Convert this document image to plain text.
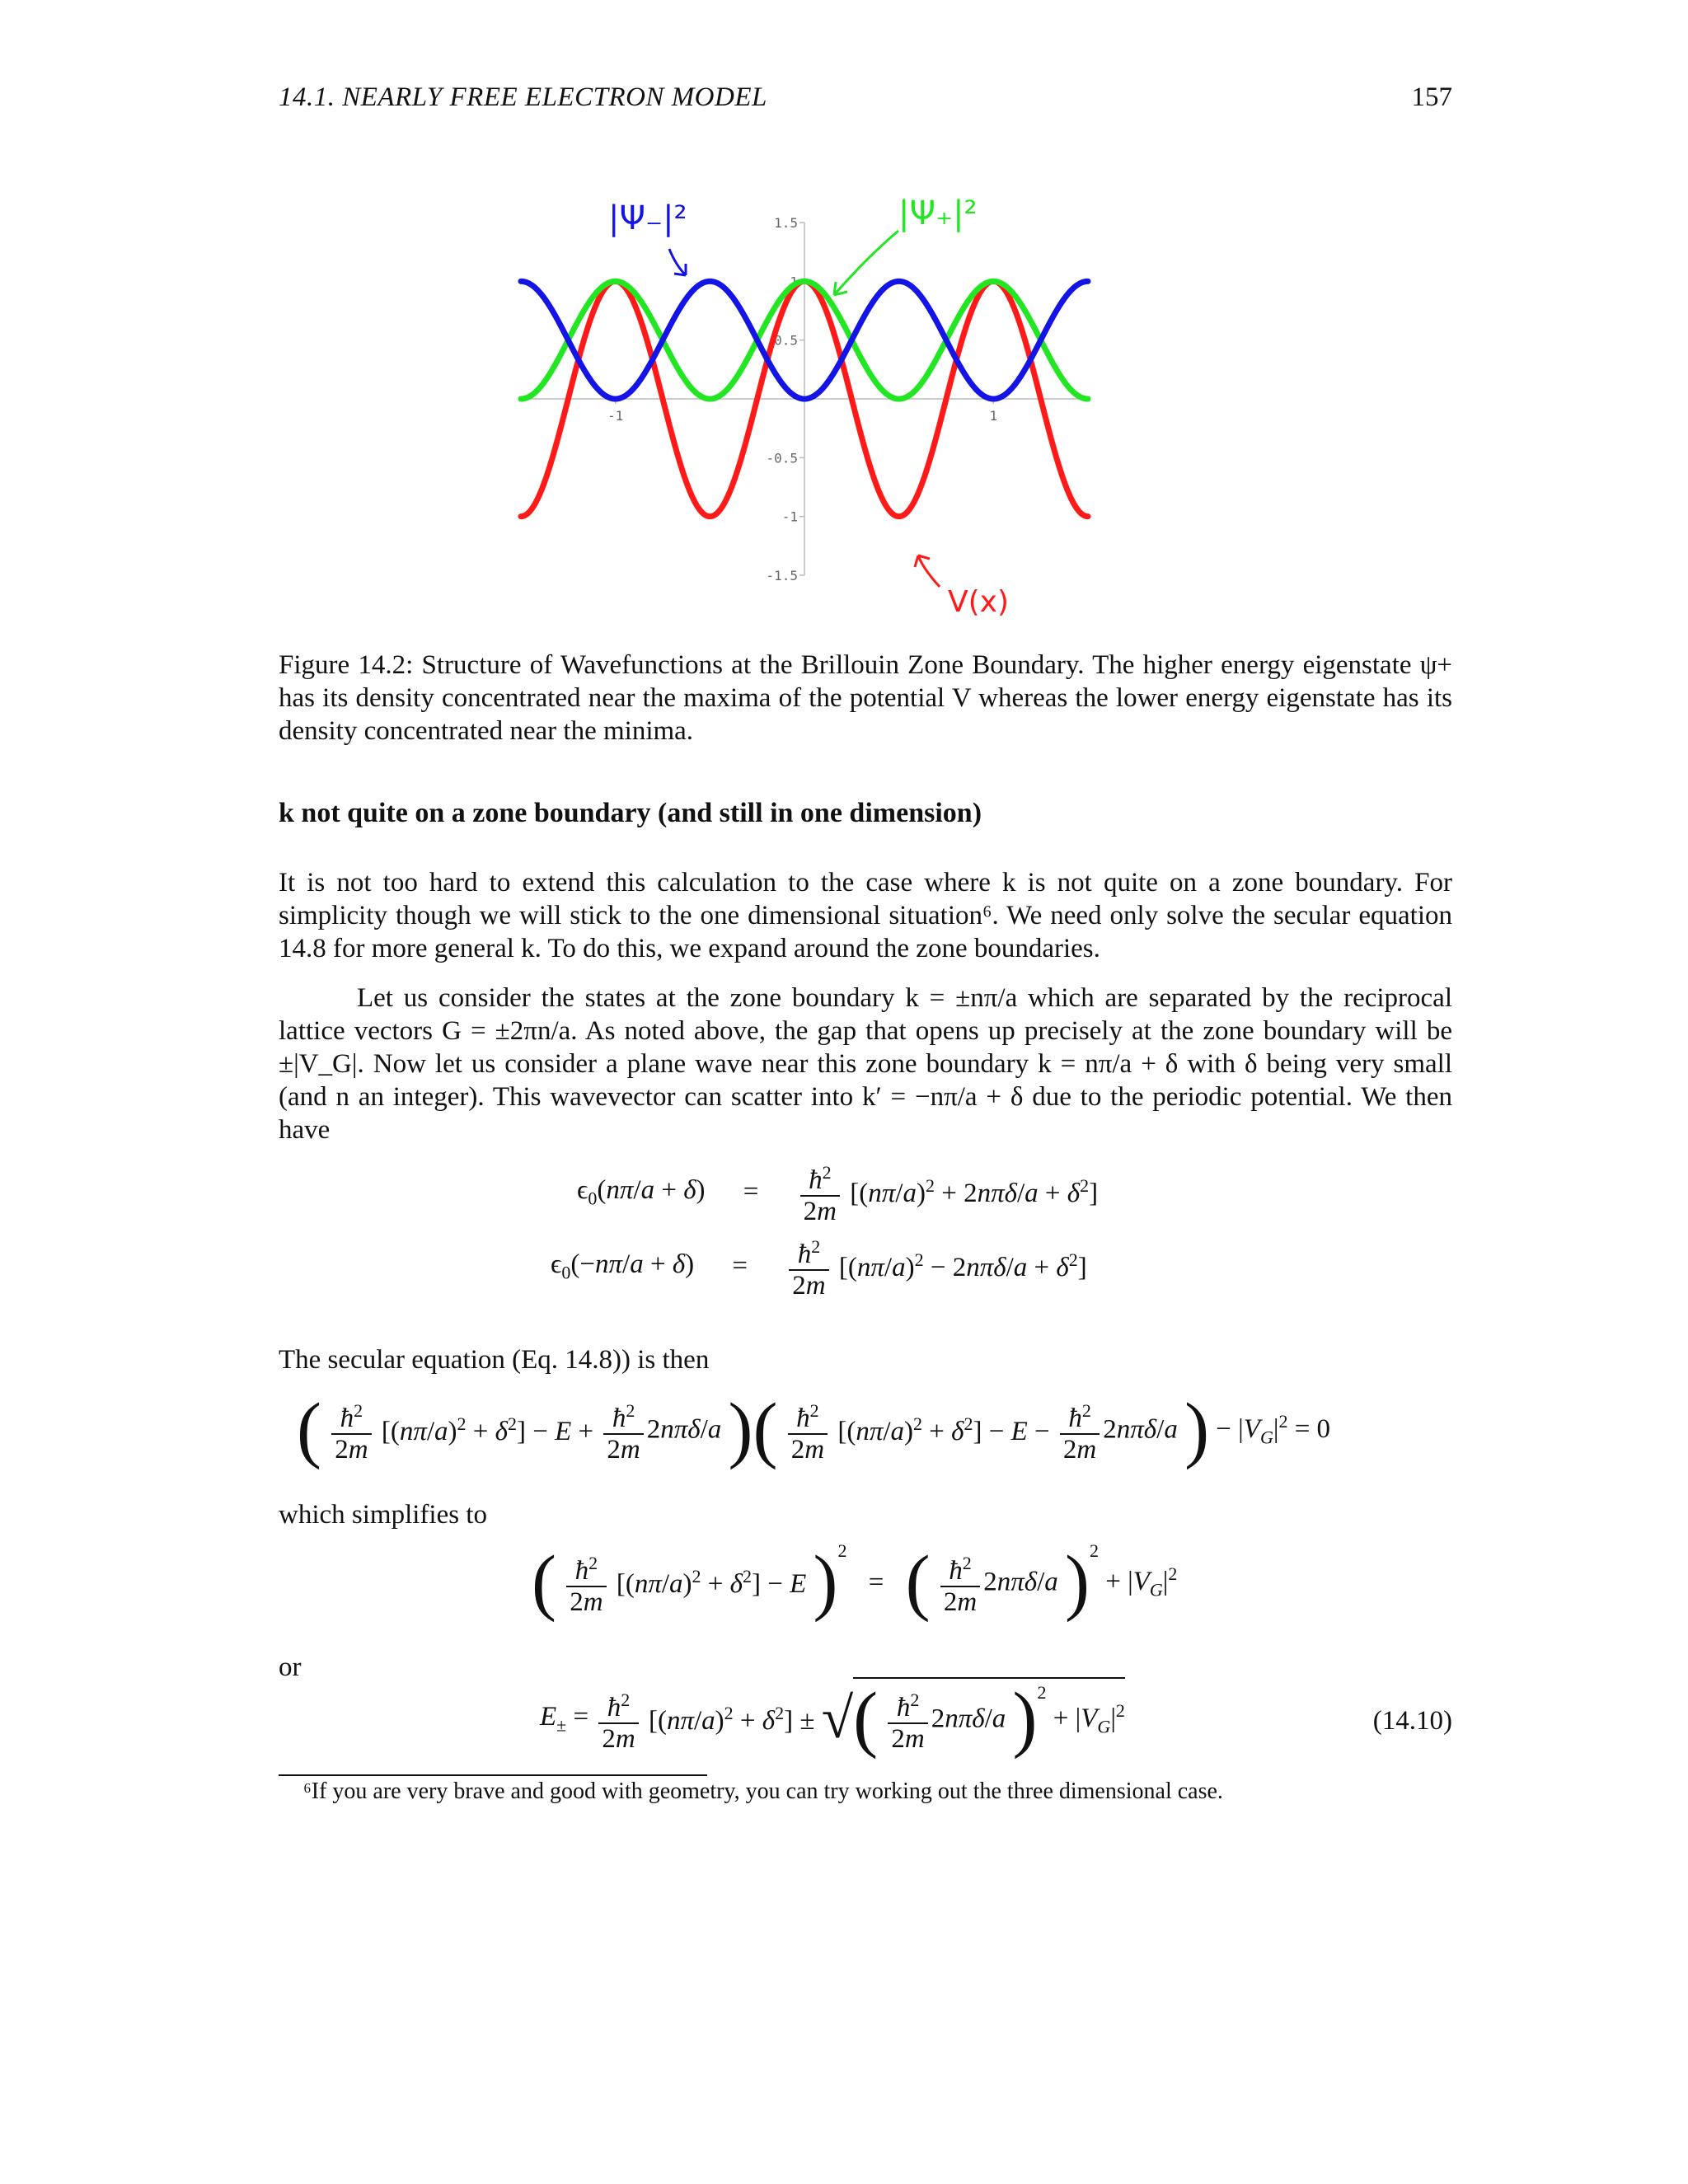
14.1. NEARLY FREE ELECTRON MODEL	157
1.5
1
0.5
-0.5
-1
-1.5
-1	1
|Ψ₋|²	|Ψ₊|²
V(x)
Figure 14.2: Structure of Wavefunctions at the Brillouin Zone Boundary. The higher energy eigenstate ψ+ has its density concentrated near the maxima of the potential V whereas the lower energy eigenstate has its density concentrated near the minima.
k not quite on a zone boundary (and still in one dimension)
It is not too hard to extend this calculation to the case where k is not quite on a zone boundary. For simplicity though we will stick to the one dimensional situation⁶. We need only solve the secular equation 14.8 for more general k. To do this, we expand around the zone boundaries.
Let us consider the states at the zone boundary k = ±nπ/a which are separated by the reciprocal lattice vectors G = ±2πn/a. As noted above, the gap that opens up precisely at the zone boundary will be ±|V_G|. Now let us consider a plane wave near this zone boundary k = nπ/a + δ with δ being very small (and n an integer). This wavevector can scatter into k′ = −nπ/a + δ due to the periodic potential. We then have
$\epsilon_0(n\pi/a + \delta) = \frac{ħ^2}{2m} [(n\pi/a)^2 + 2n\pi\delta/a + \delta^2]$
$\epsilon_0(-n\pi/a + \delta) = \frac{ħ^2}{2m} [(n\pi/a)^2 - 2n\pi\delta/a + \delta^2]$
The secular equation (Eq. 14.8)) is then
( $\frac{ħ^2}{2m} [(n\pi/a)^2 + \delta^2] - E + \frac{ħ^2}{2m} 2n\pi\delta/a$ )( $\frac{ħ^2}{2m} [(n\pi/a)^2 + \delta^2] - E - \frac{ħ^2}{2m} 2n\pi\delta/a$ ) − $|V_G|^2 = 0$
which simplifies to
( $\frac{ħ^2}{2m} [(n\pi/a)^2 + \delta^2] - E$ )$^2$ = ( $\frac{ħ^2}{2m} 2n\pi\delta/a$ )$^2 + |V_G|^2$
or
$E_\pm = \frac{ħ^2}{2m} [(n\pi/a)^2 + \delta^2]$ ± √( $\frac{ħ^2}{2m} 2n\pi\delta/a$ )$^2 + |V_G|^2$	(14.10)
⁶If you are very brave and good with geometry, you can try working out the three dimensional case.
